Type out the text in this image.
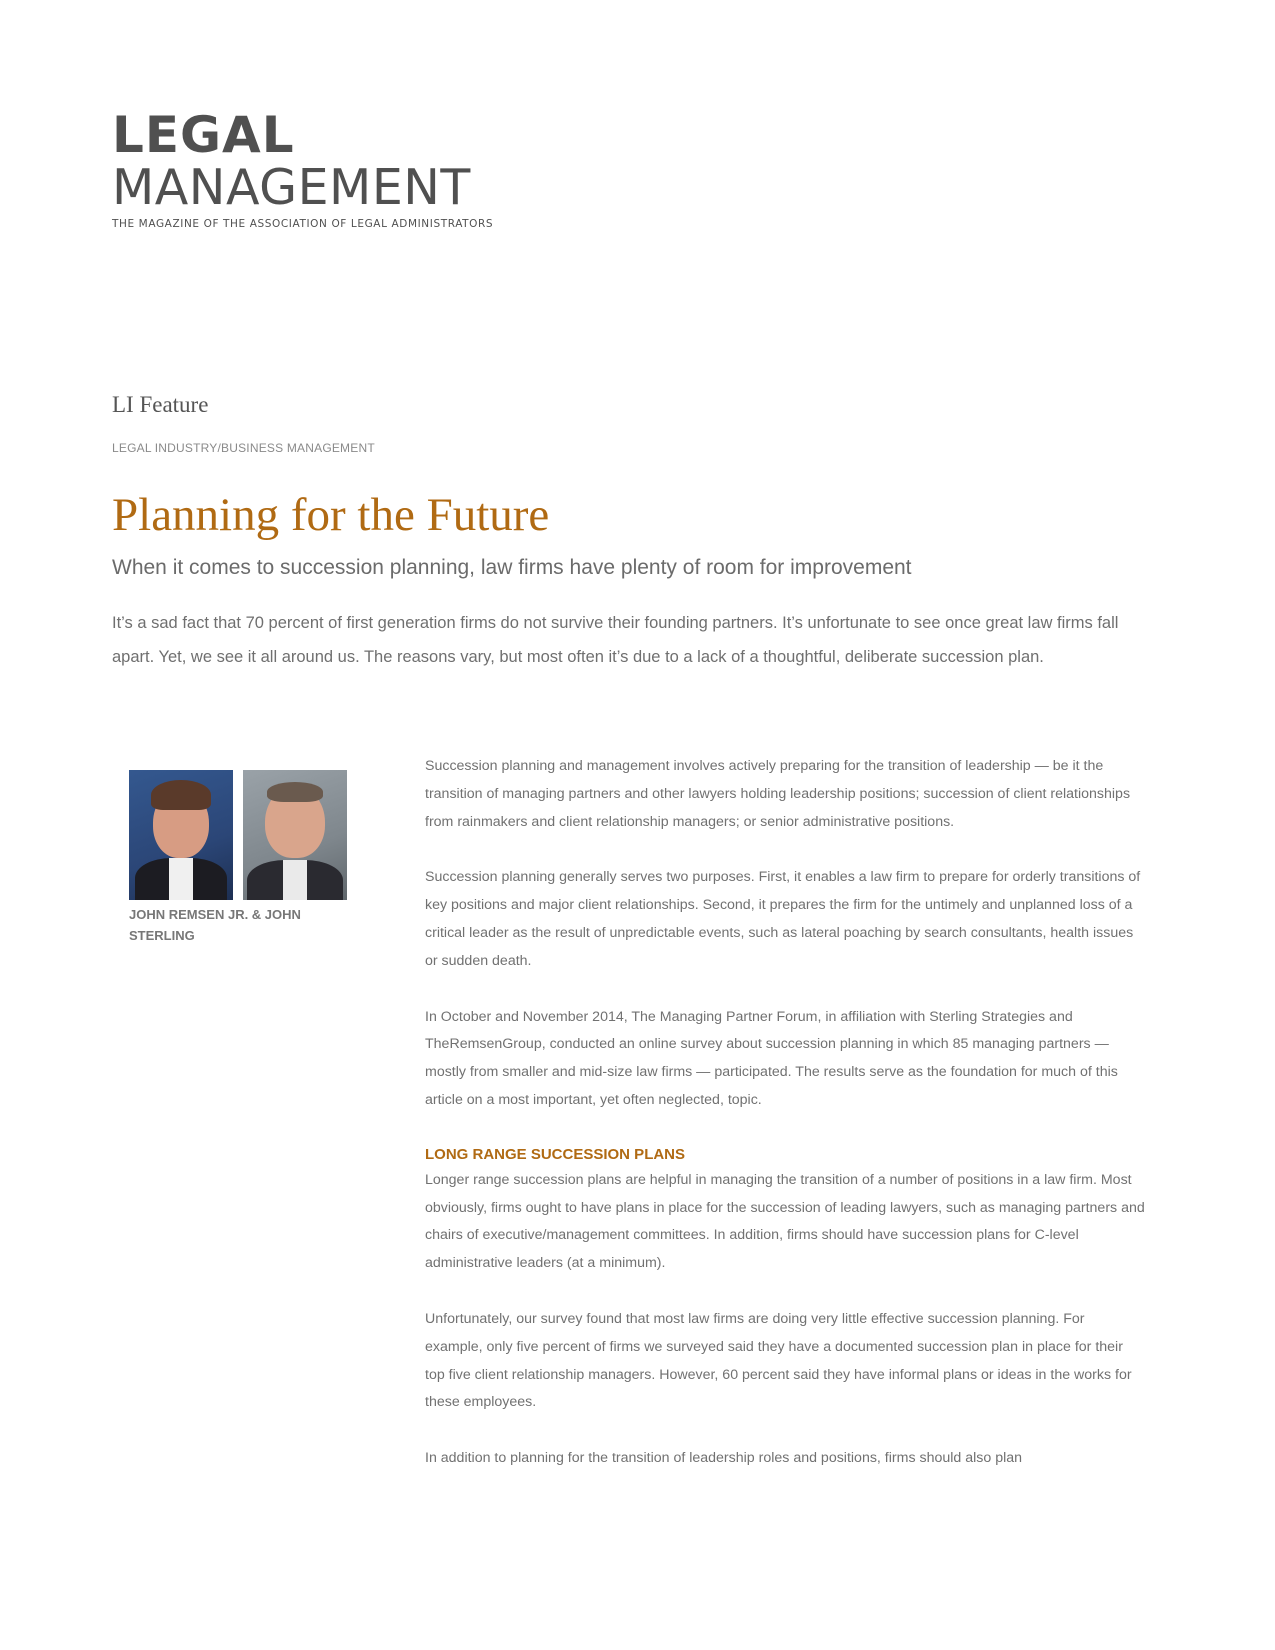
LEGAL
MANAGEMENT
THE MAGAZINE OF THE ASSOCIATION OF LEGAL ADMINISTRATORS
LI Feature
LEGAL INDUSTRY/BUSINESS MANAGEMENT
Planning for the Future
When it comes to succession planning, law firms have plenty of room for improvement
It’s a sad fact that 70 percent of first generation firms do not survive their founding partners. It’s unfortunate to see once great law firms fall apart. Yet, we see it all around us. The reasons vary, but most often it’s due to a lack of a thoughtful, deliberate succession plan.
JOHN REMSEN JR. & JOHN STERLING

Succession planning and management involves actively preparing for the transition of leadership — be it the transition of managing partners and other lawyers holding leadership positions; succession of client relationships from rainmakers and client relationship managers; or senior administrative positions.

Succession planning generally serves two purposes. First, it enables a law firm to prepare for orderly transitions of key positions and major client relationships. Second, it prepares the firm for the untimely and unplanned loss of a critical leader as the result of unpredictable events, such as lateral poaching by search consultants, health issues or sudden death.

In October and November 2014, The Managing Partner Forum, in affiliation with Sterling Strategies and TheRemsenGroup, conducted an online survey about succession planning in which 85 managing partners — mostly from smaller and mid-size law firms — participated. The results serve as the foundation for much of this article on a most important, yet often neglected, topic.

LONG RANGE SUCCESSION PLANS

Longer range succession plans are helpful in managing the transition of a number of positions in a law firm. Most obviously, firms ought to have plans in place for the succession of leading lawyers, such as managing partners and chairs of executive/management committees. In addition, firms should have succession plans for C-level administrative leaders (at a minimum).

Unfortunately, our survey found that most law firms are doing very little effective succession planning. For example, only five percent of firms we surveyed said they have a documented succession plan in place for their top five client relationship managers. However, 60 percent said they have informal plans or ideas in the works for these employees.

In addition to planning for the transition of leadership roles and positions, firms should also plan
